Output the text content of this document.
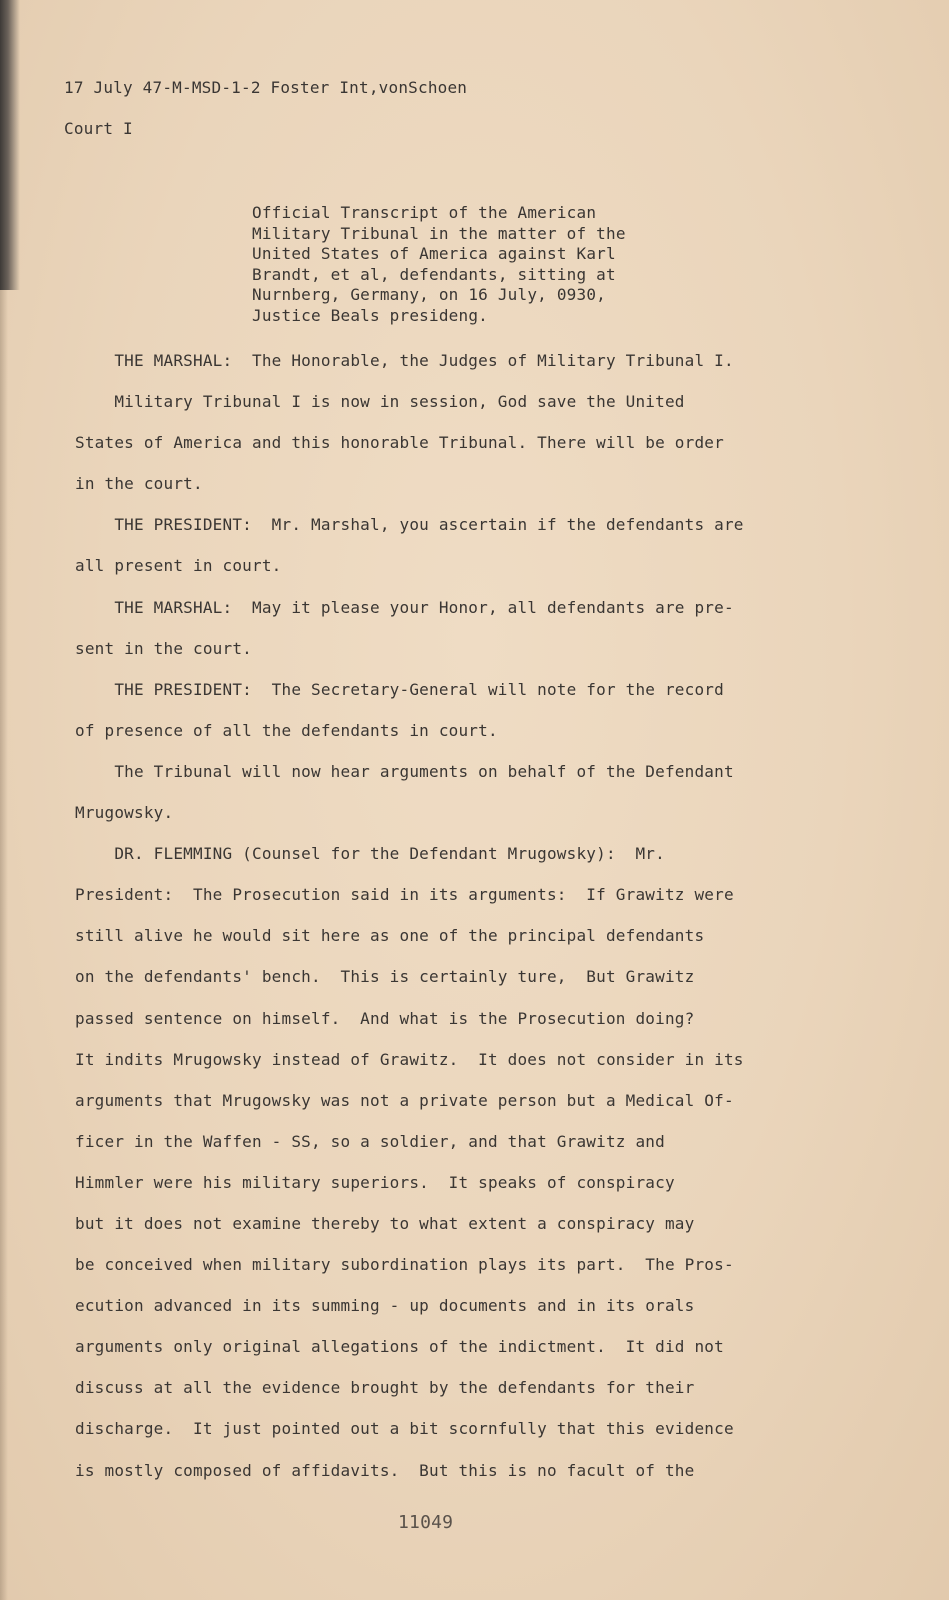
17 July 47-M-MSD-1-2 Foster Int,vonSchoen

Court I

Official Transcript of the American
Military Tribunal in the matter of the
United States of America against Karl
Brandt, et al, defendants, sitting at
Nurnberg, Germany, on 16 July, 0930,
Justice Beals presideng.

THE MARSHAL:  The Honorable, the Judges of Military Tribunal I.
Military Tribunal I is now in session, God save the United
States of America and this honorable Tribunal. There will be order
in the court.
THE PRESIDENT:  Mr. Marshal, you ascertain if the defendants are
all present in court.
THE MARSHAL:  May it please your Honor, all defendants are pre-
sent in the court.
THE PRESIDENT:  The Secretary-General will note for the record
of presence of all the defendants in court.
The Tribunal will now hear arguments on behalf of the Defendant
Mrugowsky.
DR. FLEMMING (Counsel for the Defendant Mrugowsky):  Mr.
President:  The Prosecution said in its arguments:  If Grawitz were
still alive he would sit here as one of the principal defendants
on the defendants' bench.  This is certainly ture,  But Grawitz
passed sentence on himself.  And what is the Prosecution doing?
It indits Mrugowsky instead of Grawitz.  It does not consider in its
arguments that Mrugowsky was not a private person but a Medical Of-
ficer in the Waffen - SS, so a soldier, and that Grawitz and
Himmler were his military superiors.  It speaks of conspiracy
but it does not examine thereby to what extent a conspiracy may
be conceived when military subordination plays its part.  The Pros-
ecution advanced in its summing - up documents and in its orals
arguments only original allegations of the indictment.  It did not
discuss at all the evidence brought by the defendants for their
discharge.  It just pointed out a bit scornfully that this evidence
is mostly composed of affidavits.  But this is no facult of the

11049
